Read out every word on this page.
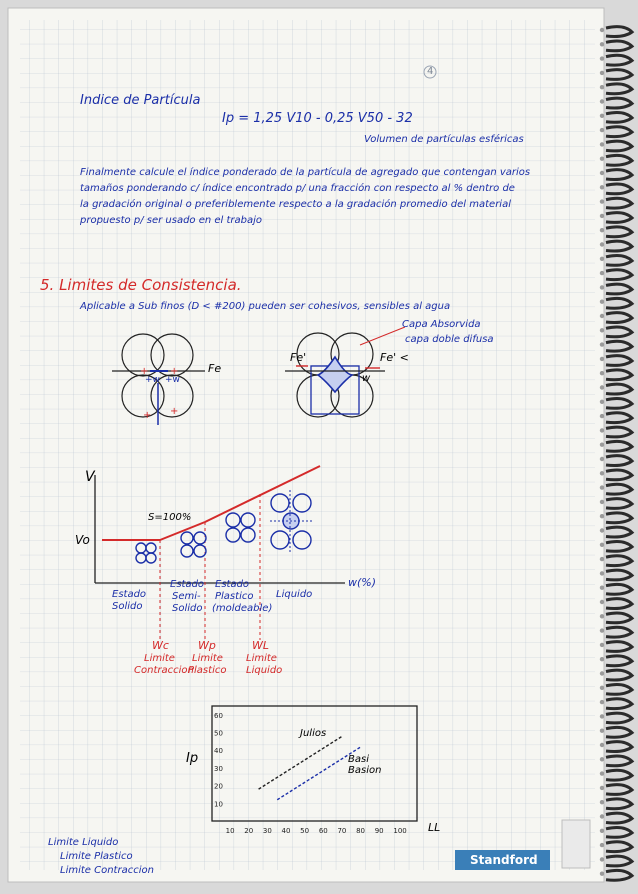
+w +w
+ +
+ +
10 20 30 40 50 60 70 80 90 100
60
50
40
30
20
10
Indice de Partícula
Ip = 1,25 V10 - 0,25 V50 - 32
Volumen de partículas esféricas
Finalmente calcule el índice ponderado de la partícula de agregado que contengan varios
tamaños ponderando c/ índice encontrado p/ una fracción con respecto al % dentro de
la gradación original o preferiblemente respecto a la gradación promedio del material
propuesto p/ ser usado en el trabajo
5. Limites de Consistencia.
Aplicable a Sub finos (D < #200) pueden ser cohesivos, sensibles al agua
Capa Absorvida
capa doble difusa
Fe
Fe'	Fe' <
w
V
Vo
S=100%
w(%)
Estado
Solido
Estado
Semi-
Solido
Estado
Plastico
(moldeable)
Liquido
Wc	Wp	WL
Limite
Contraccion
Limite
Plastico
Limite
Liquido
Ip
LL
Julios
Basi
Basion
Limite Liquido
Limite Plastico
Limite Contraccion
Standford
4
